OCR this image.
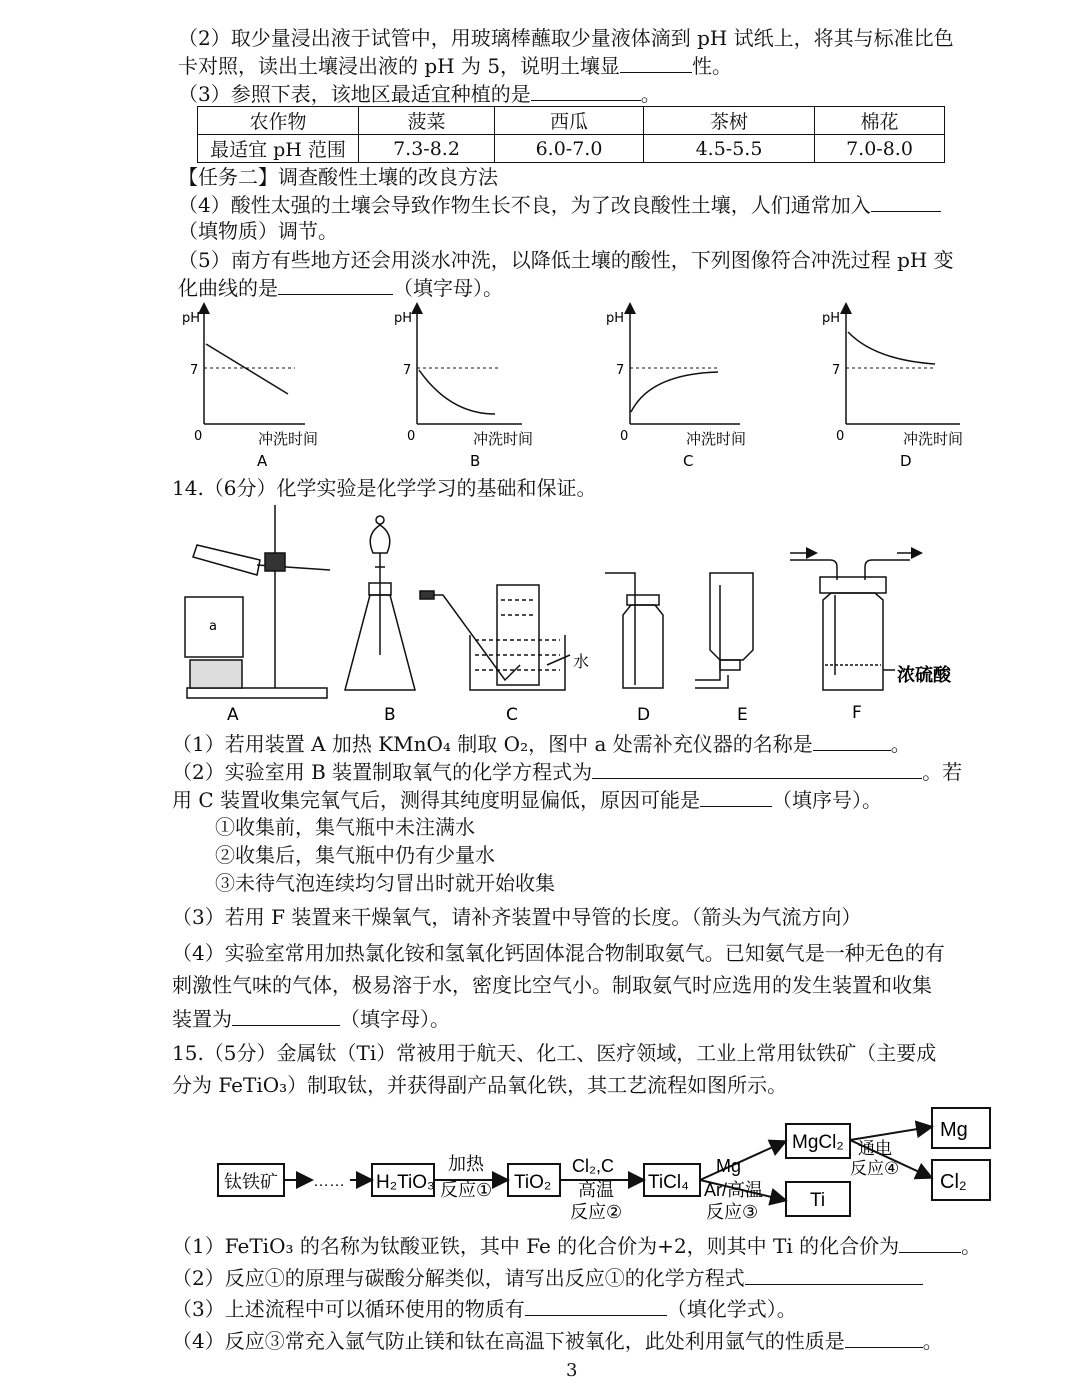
（2）取少量浸出液于试管中，用玻璃棒蘸取少量液体滴到 pH 试纸上，将其与标准比色
卡对照，读出土壤浸出液的 pH 为 5，说明土壤显	性。
（3）参照下表，该地区最适宜种植的是	。
农作物	菠菜	西瓜	茶树	棉花
最适宜 pH 范围	7.3-8.2	6.0-7.0	4.5-5.5	7.0-8.0
【任务二】调查酸性土壤的改良方法
（4）酸性太强的土壤会导致作物生长不良，为了改良酸性土壤，人们通常加入
（填物质）调节。
（5）南方有些地方还会用淡水冲洗，以降低土壤的酸性，下列图像符合冲洗过程 pH 变
化曲线的是	（填字母）。
pH
7
0	冲洗时间
A
pH
7
0	冲洗时间
B
pH
7
0	冲洗时间
C
pH
7
0	冲洗时间
D
14.（6分）化学实验是化学学习的基础和保证。
a
水
浓硫酸
A	B	C	D	E	F
（1）若用装置 A 加热 KMnO₄ 制取 O₂，图中 a 处需补充仪器的名称是	。
（2）实验室用 B 装置制取氧气的化学方程式为	。若
用 C 装置收集完氧气后，测得其纯度明显偏低，原因可能是	（填序号）。
①收集前，集气瓶中未注满水
②收集后，集气瓶中仍有少量水
③未待气泡连续均匀冒出时就开始收集
（3）若用 F 装置来干燥氧气，请补齐装置中导管的长度。（箭头为气流方向）
（4）实验室常用加热氯化铵和氢氧化钙固体混合物制取氨气。已知氨气是一种无色的有
刺激性气味的气体，极易溶于水，密度比空气小。制取氨气时应选用的发生装置和收集
装置为	（填字母）。
15.（5分）金属钛（Ti）常被用于航天、化工、医疗领域，工业上常用钛铁矿（主要成
分为 FeTiO₃）制取钛，并获得副产品氧化铁，其工艺流程如图所示。
钛铁矿 …… H₂TiO₃
加热
反应① TiO₂
Cl₂,C
高温
反应②
TiCl₄
Mg
Ar/高温
反应③
MgCl₂
Ti
通电
反应④
Mg
Cl₂
（1）FeTiO₃ 的名称为钛酸亚铁，其中 Fe 的化合价为+2，则其中 Ti 的化合价为	。
（2）反应①的原理与碳酸分解类似，请写出反应①的化学方程式
（3）上述流程中可以循环使用的物质有	（填化学式）。
（4）反应③常充入氩气防止镁和钛在高温下被氧化，此处利用氩气的性质是	。
3
